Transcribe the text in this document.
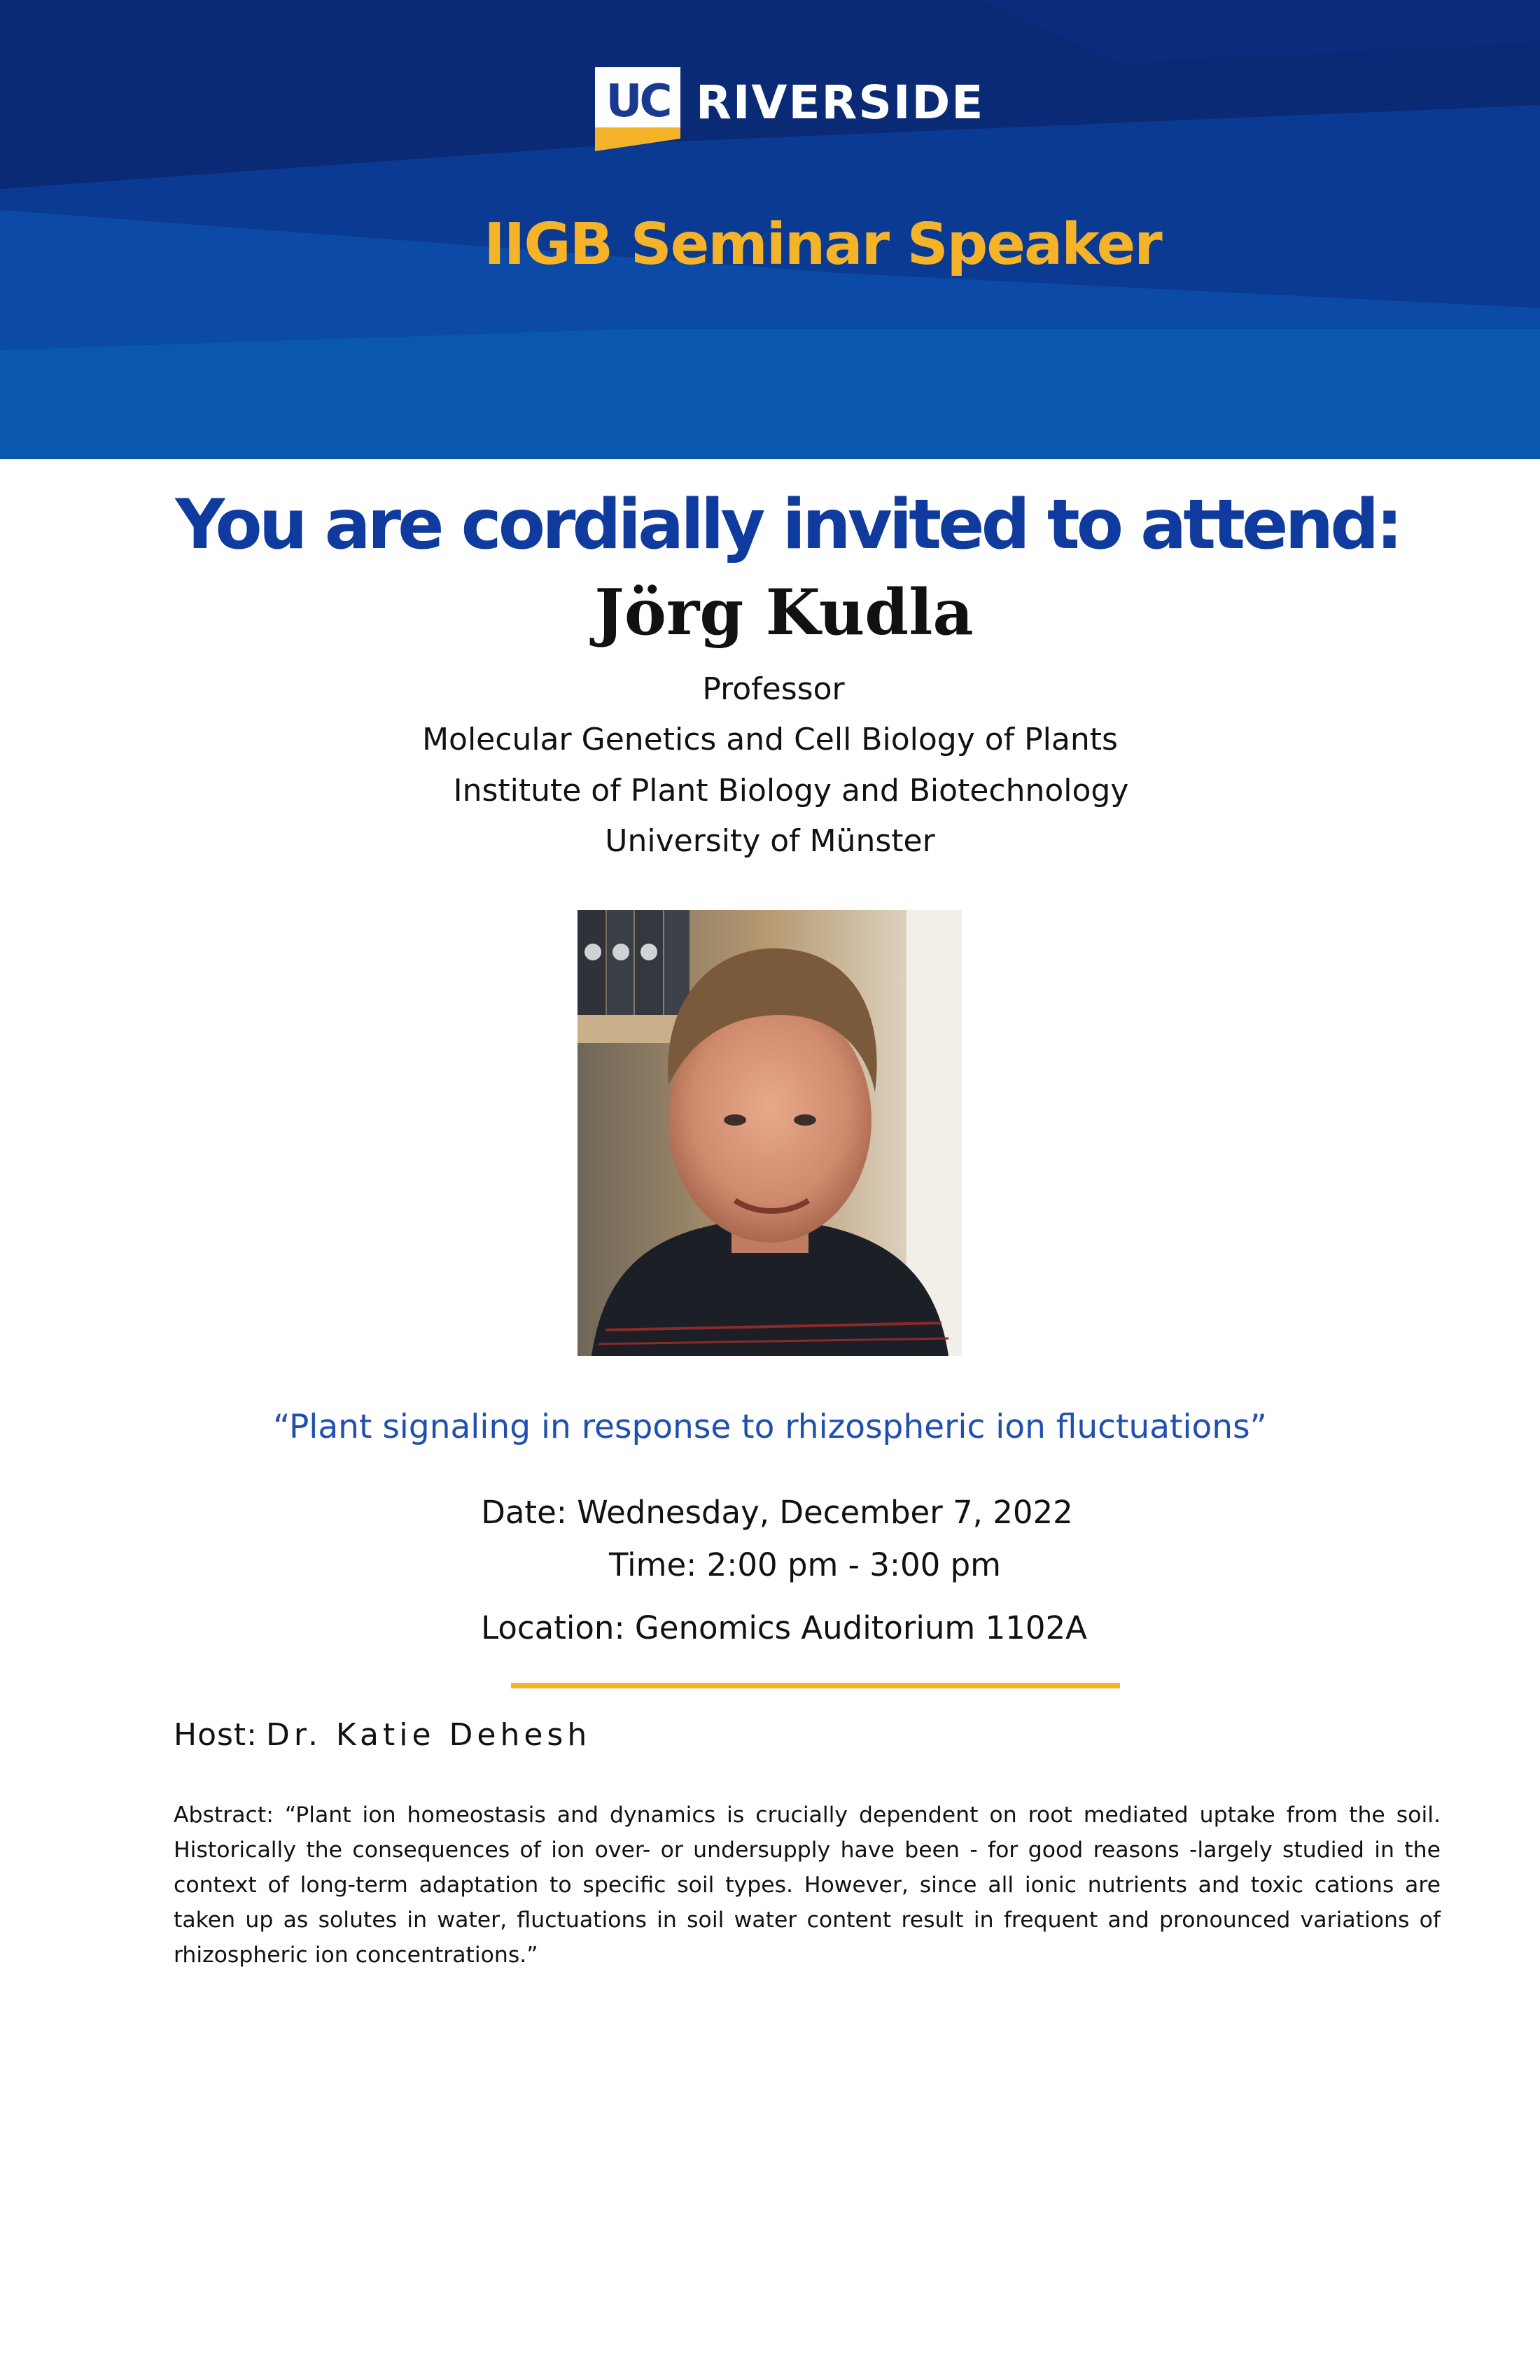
UC RIVERSIDE
IIGB Seminar Speaker
You are cordially invited to attend:
Jörg Kudla
Professor
Molecular Genetics and Cell Biology of Plants
Institute of Plant Biology and Biotechnology
University of Münster
“Plant signaling in response to rhizospheric ion fluctuations”
Date: Wednesday, December 7, 2022
Time: 2:00 pm - 3:00 pm
Location: Genomics Auditorium 1102A
Host: Dr. Katie Dehesh
Abstract: “Plant ion homeostasis and dynamics is crucially dependent on root mediated uptake from the soil. Historically the consequences of ion over- or undersupply have been - for good reasons -largely studied in the context of long-term adaptation to specific soil types. However, since all ionic nutrients and toxic cations are taken up as solutes in water, fluctuations in soil water content result in frequent and pronounced variations of rhizospheric ion concentrations.”
